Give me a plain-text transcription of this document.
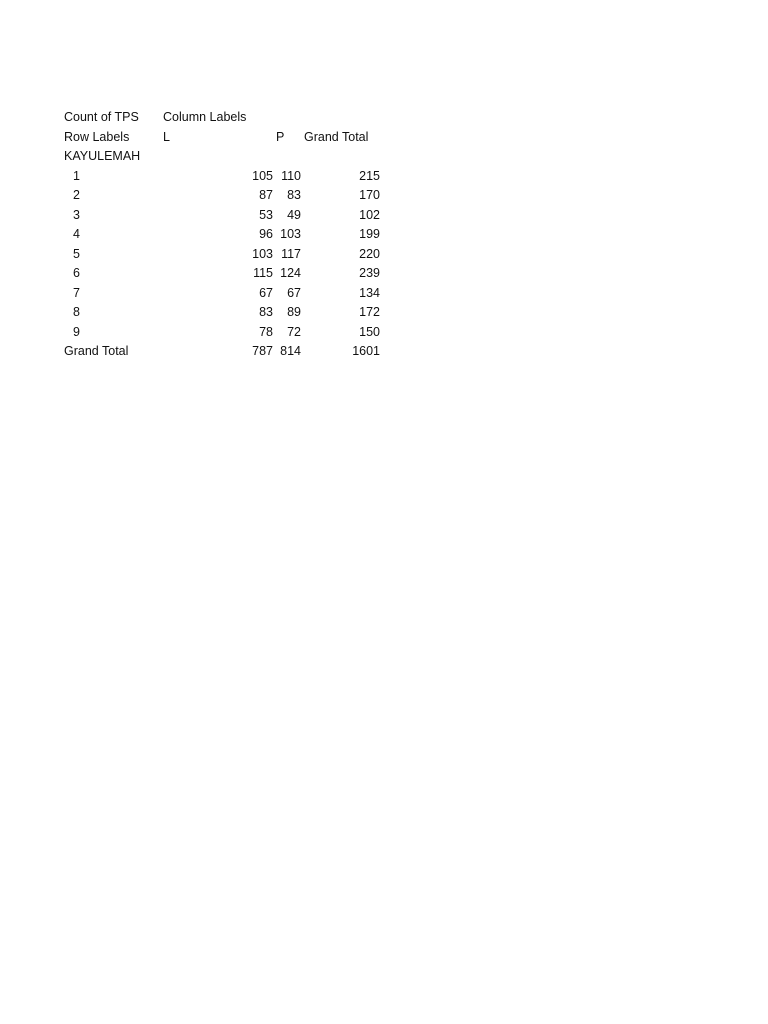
Count of TPS Column Labels
Row Labels	L	P Grand Total
KAYULEMAH
1	105 110	215
2	87 83	170
3	53 49	102
4	96 103	199
5	103 117	220
6	115 124	239
7	67 67	134
8	83 89	172
9	78 72	150
Grand Total	787 814	1601
